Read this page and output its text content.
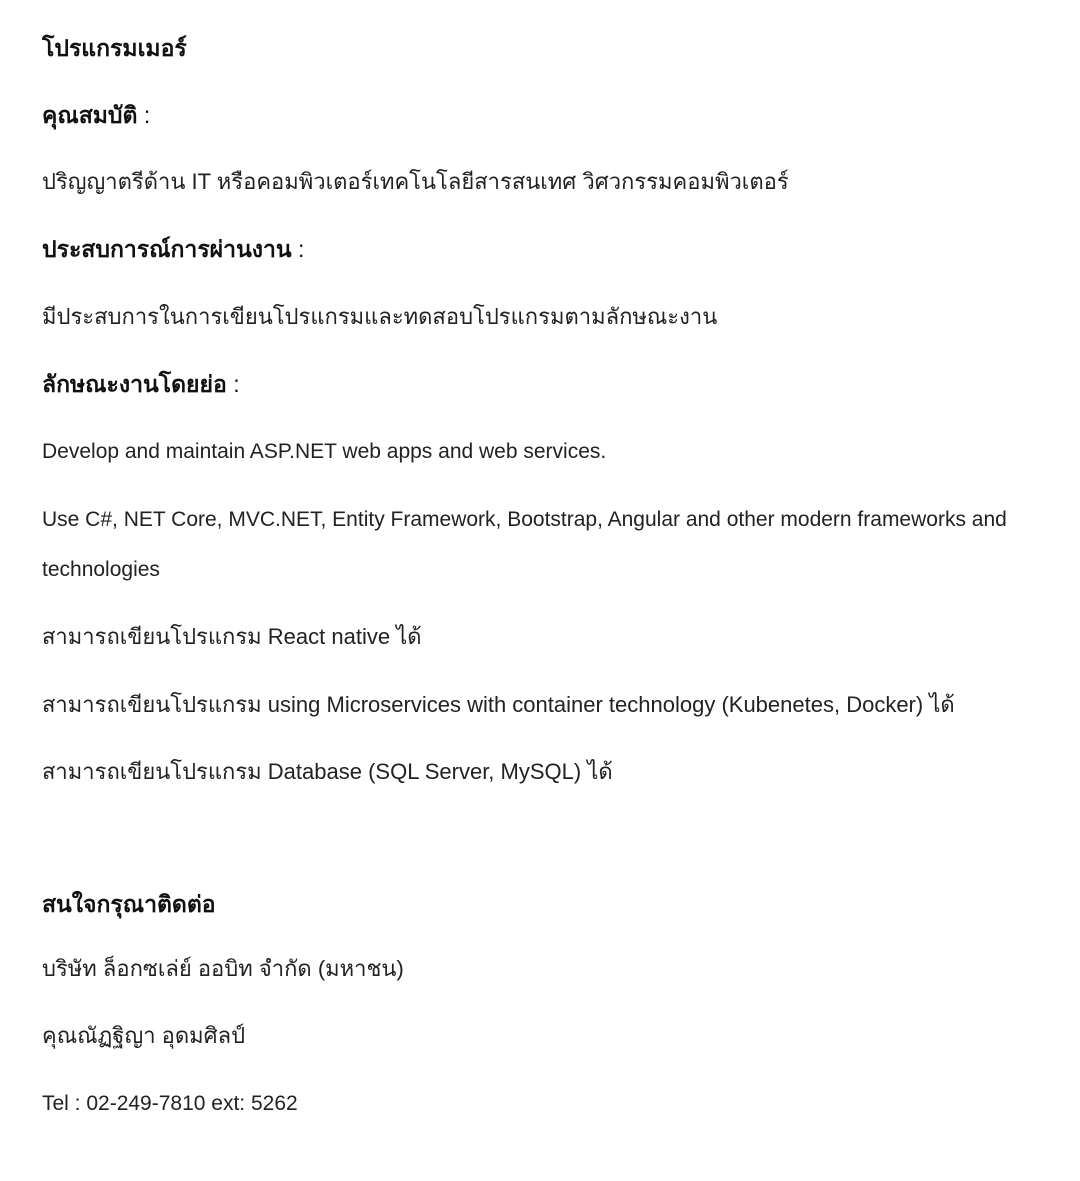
โปรแกรมเมอร์
คุณสมบัติ :
ปริญญาตรีด้าน IT หรือคอมพิวเตอร์เทคโนโลยีสารสนเทศ วิศวกรรมคอมพิวเตอร์
ประสบการณ์การผ่านงาน :
มีประสบการในการเขียนโปรแกรมและทดสอบโปรแกรมตามลักษณะงาน
ลักษณะงานโดยย่อ :
Develop and maintain ASP.NET web apps and web services.
Use C#, NET Core, MVC.NET, Entity Framework, Bootstrap, Angular and other modern frameworks and
technologies
สามารถเขียนโปรแกรม React native ได้
สามารถเขียนโปรแกรม using Microservices with container technology (Kubenetes, Docker) ได้
สามารถเขียนโปรแกรม Database (SQL Server, MySQL) ได้
สนใจกรุณาติดต่อ
บริษัท ล็อกซเล่ย์ ออบิท จำกัด (มหาชน)
คุณณัฏฐิญา อุดมศิลป์
Tel : 02-249-7810 ext: 5262
